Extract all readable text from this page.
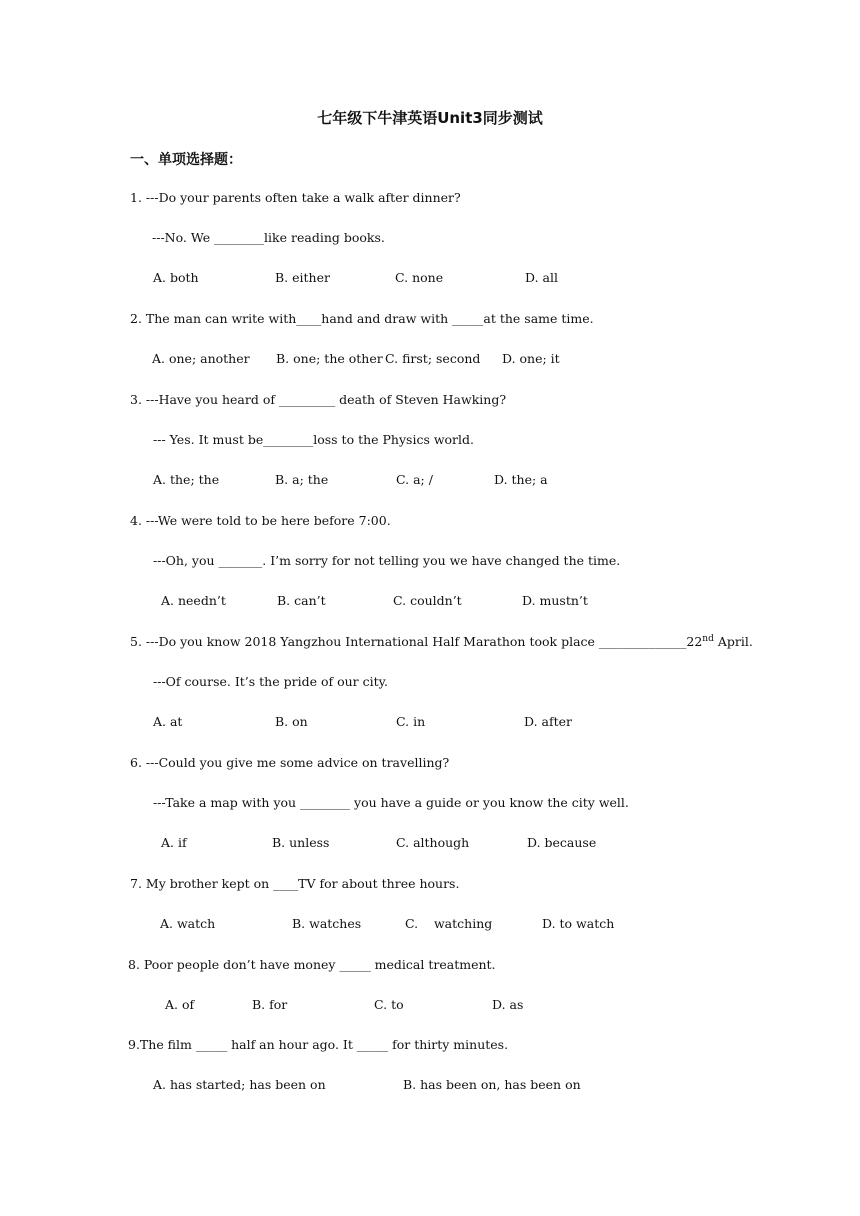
七年级下牛津英语Unit3同步测试
一、单项选择题：
1. ---Do your parents often take a walk after dinner?
---No. We ________like reading books.
A. both	B. either	C. none	D. all
2. The man can write with____hand and draw with _____at the same time.
A. one; another B. one; the other C. first; second D. one; it
3. ---Have you heard of _________ death of Steven Hawking?
--- Yes. It must be________loss to the Physics world.
A. the; the	B. a; the	C. a; /	D. the; a
4. ---We were told to be here before 7:00.
---Oh, you _______. I’m sorry for not telling you we have changed the time.
A. needn’t	B. can’t	C. couldn’t	D. mustn’t
5. ---Do you know 2018 Yangzhou International Half Marathon took place ______________22nd April.
---Of course. It’s the pride of our city.
A. at	B. on	C. in	D. after
6. ---Could you give me some advice on travelling?
---Take a map with you ________ you have a guide or you know the city well.
A. if	B. unless	C. although	D. because
7. My brother kept on ____TV for about three hours.
A. watch	B. watches	C.    watching	D. to watch
8. Poor people don’t have money _____ medical treatment.
A. of	B. for	C. to	D. as
9.The film _____ half an hour ago. It _____ for thirty minutes.
A. has started; has been on	B. has been on, has been on
